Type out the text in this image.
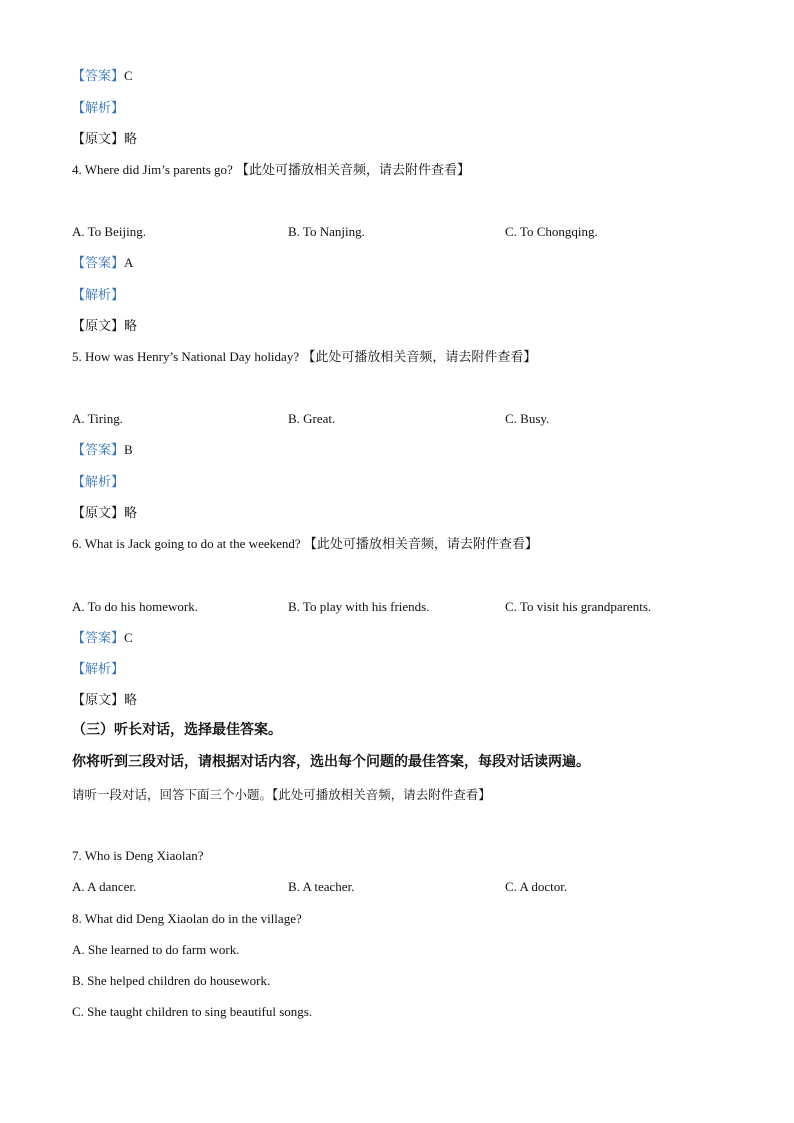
【答案】C
【解析】
【原文】略
4. Where did Jim’s parents go? 【此处可播放相关音频，请去附件查看】
A. To Beijing.	B. To Nanjing.	C. To Chongqing.
【答案】A
【解析】
【原文】略
5. How was Henry’s National Day holiday? 【此处可播放相关音频，请去附件查看】
A. Tiring.	B. Great.	C. Busy.
【答案】B
【解析】
【原文】略
6. What is Jack going to do at the weekend? 【此处可播放相关音频，请去附件查看】
A. To do his homework.	B. To play with his friends.	C. To visit his grandparents.
【答案】C
【解析】
【原文】略
（三）听长对话，选择最佳答案。
你将听到三段对话，请根据对话内容，选出每个问题的最佳答案，每段对话读两遍。
请听一段对话，回答下面三个小题。【此处可播放相关音频，请去附件查看】
7. Who is Deng Xiaolan?
A. A dancer.	B. A teacher.	C. A doctor.
8. What did Deng Xiaolan do in the village?
A. She learned to do farm work.
B. She helped children do housework.
C. She taught children to sing beautiful songs.
